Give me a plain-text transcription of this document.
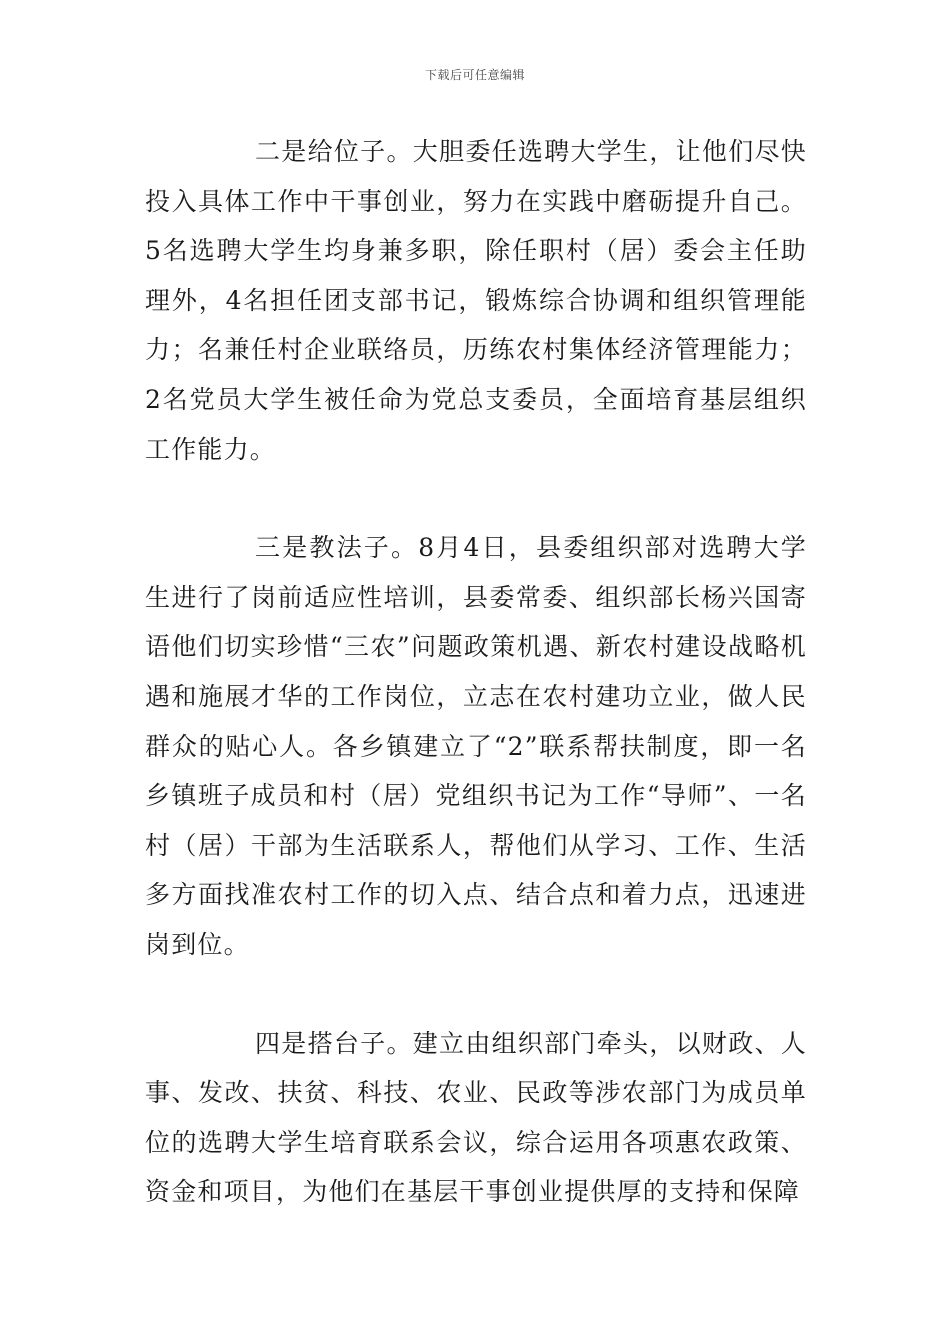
下载后可任意编辑

二是给位子。大胆委任选聘大学生，让他们尽快投入具体工作中干事创业，努力在实践中磨砺提升自己。5名选聘大学生均身兼多职，除任职村（居）委会主任助理外，4名担任团支部书记，锻炼综合协调和组织管理能力；名兼任村企业联络员，历练农村集体经济管理能力；2名党员大学生被任命为党总支委员，全面培育基层组织工作能力。

三是教法子。8月4日，县委组织部对选聘大学生进行了岗前适应性培训，县委常委、组织部长杨兴国寄语他们切实珍惜“三农”问题政策机遇、新农村建设战略机遇和施展才华的工作岗位，立志在农村建功立业，做人民群众的贴心人。各乡镇建立了“2”联系帮扶制度，即一名乡镇班子成员和村（居）党组织书记为工作“导师”、一名村（居）干部为生活联系人，帮他们从学习、工作、生活多方面找准农村工作的切入点、结合点和着力点，迅速进岗到位。

四是搭台子。建立由组织部门牵头，以财政、人事、发改、扶贫、科技、农业、民政等涉农部门为成员单位的选聘大学生培育联系会议，综合运用各项惠农政策、资金和项目，为他们在基层干事创业提供厚的支持和保障
